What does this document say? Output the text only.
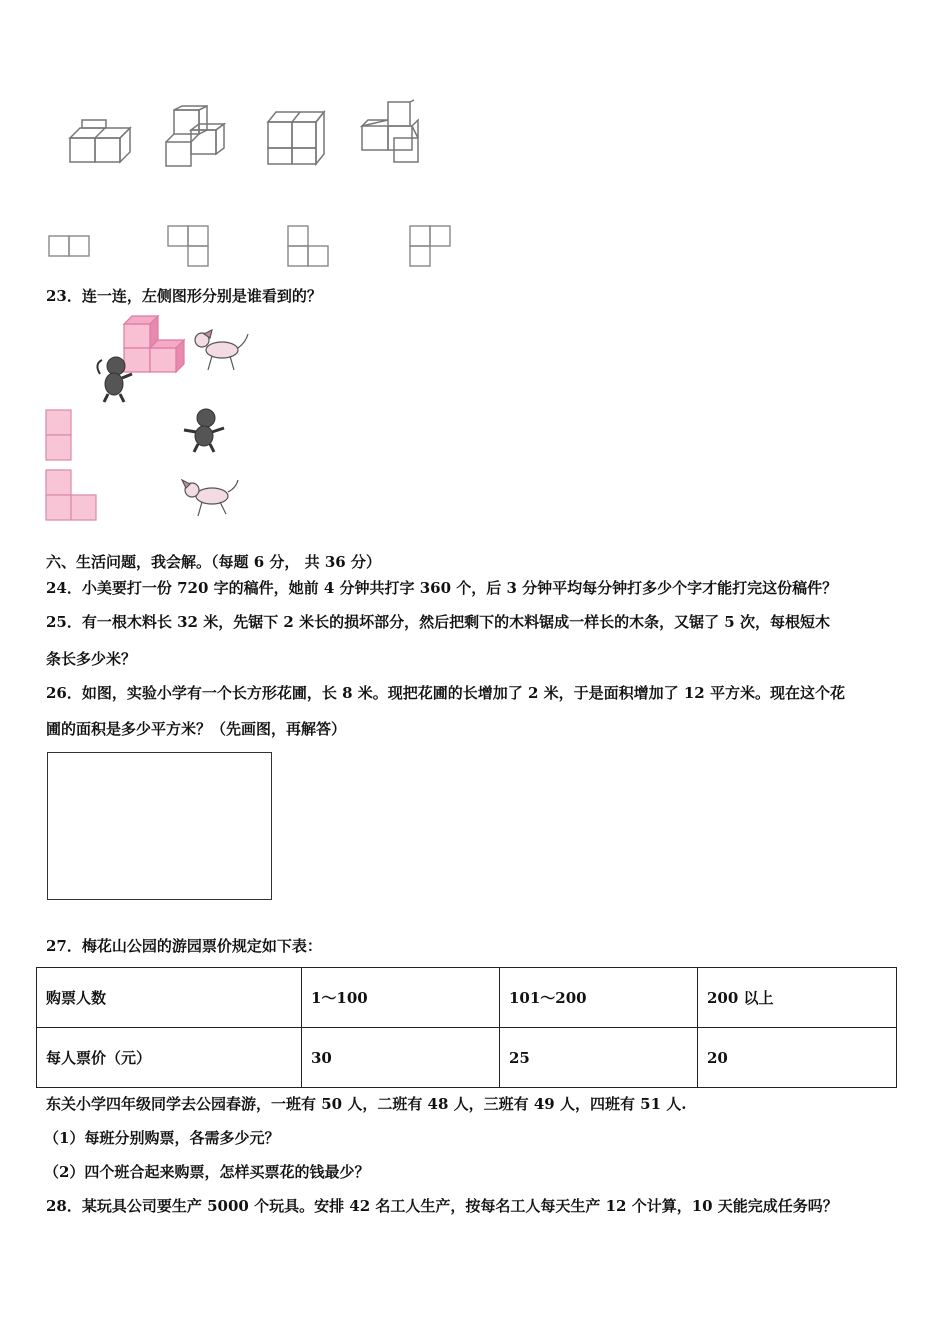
23．连一连，左侧图形分别是谁看到的？
六、生活问题，我会解。（每题 6 分， 共 36 分）
24．小美要打一份 720 字的稿件，她前 4 分钟共打字 360 个，后 3 分钟平均每分钟打多少个字才能打完这份稿件？
25．有一根木料长 32 米，先锯下 2 米长的损坏部分，然后把剩下的木料锯成一样长的木条，又锯了 5 次，每根短木
条长多少米？
26．如图，实验小学有一个长方形花圃，长 8 米。现把花圃的长增加了 2 米，于是面积增加了 12 平方米。现在这个花
圃的面积是多少平方米？（先画图，再解答）
27．梅花山公园的游园票价规定如下表：
购票人数	1～100	101～200	200 以上
每人票价（元）	30	25	20
东关小学四年级同学去公园春游，一班有 50 人，二班有 48 人，三班有 49 人，四班有 51 人.
（1）每班分别购票，各需多少元？
（2）四个班合起来购票，怎样买票花的钱最少？
28．某玩具公司要生产 5000 个玩具。安排 42 名工人生产，按每名工人每天生产 12 个计算，10 天能完成任务吗？
